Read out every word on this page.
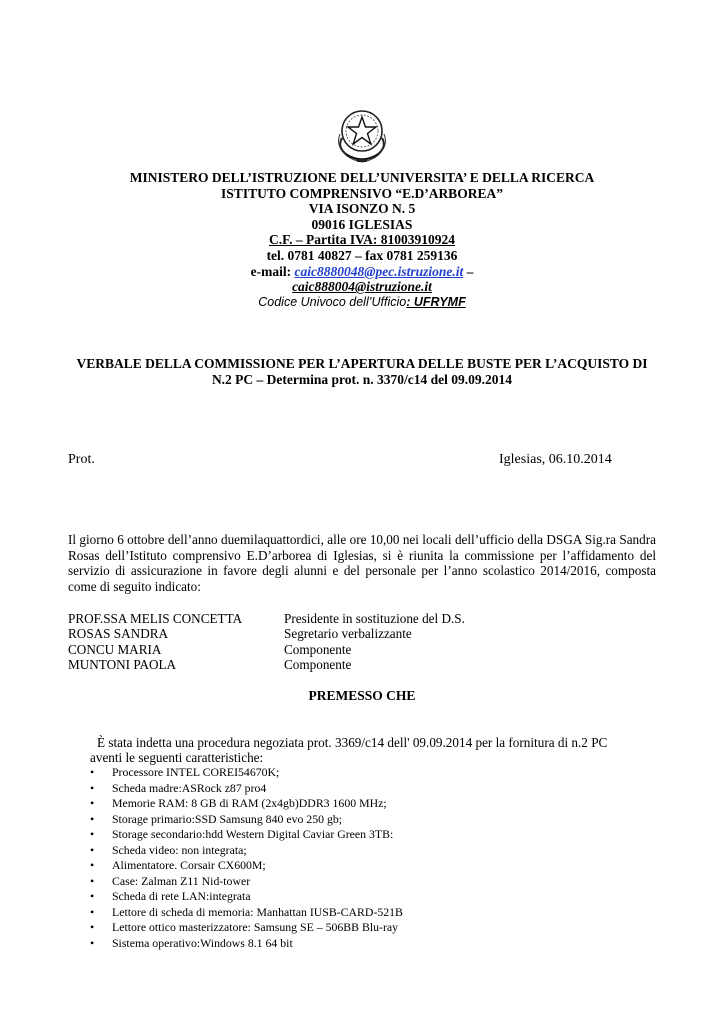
MINISTERO DELL’ISTRUZIONE DELL’UNIVERSITA’ E DELLA RICERCA
ISTITUTO COMPRENSIVO “E.D’ARBOREA”
VIA ISONZO N. 5
09016 IGLESIAS
C.F. – Partita IVA: 81003910924
tel. 0781 40827 – fax 0781 259136
e-mail: caic8880048@pec.istruzione.it –
caic888004@istruzione.it
Codice Univoco dell’Ufficio: UFRYMF
VERBALE DELLA COMMISSIONE PER L’APERTURA DELLE BUSTE PER L’ACQUISTO DI
N.2 PC – Determina prot. n. 3370/c14 del 09.09.2014
Prot.	Iglesias, 06.10.2014
Il giorno 6 ottobre dell’anno duemilaquattordici, alle ore 10,00 nei locali dell’ufficio della DSGA Sig.ra Sandra Rosas dell’Istituto comprensivo E.D’arborea di Iglesias, si è riunita la commissione per l’affidamento del servizio di assicurazione in favore degli alunni e del personale per l’anno scolastico 2014/2016, composta come di seguito indicato:
PROF.SSA MELIS CONCETTA	Presidente in sostituzione del D.S.
ROSAS SANDRA	Segretario verbalizzante
CONCU MARIA	Componente
MUNTONI PAOLA	Componente
PREMESSO CHE
È stata indetta una procedura negoziata prot. 3369/c14 dell' 09.09.2014 per la fornitura di n.2 PC
aventi le seguenti caratteristiche:
•	Processore INTEL COREI54670K;
•	Scheda madre:ASRock z87 pro4
•	Memorie RAM: 8 GB di RAM (2x4gb)DDR3 1600 MHz;
•	Storage primario:SSD Samsung 840 evo 250 gb;
•	Storage secondario:hdd Western Digital Caviar Green 3TB:
•	Scheda video: non integrata;
•	Alimentatore. Corsair CX600M;
•	Case: Zalman Z11 Nid-tower
•	Scheda di rete LAN:integrata
•	Lettore di scheda di memoria: Manhattan IUSB-CARD-521B
•	Lettore ottico masterizzatore: Samsung SE – 506BB Blu-ray
•	Sistema operativo:Windows 8.1 64 bit
